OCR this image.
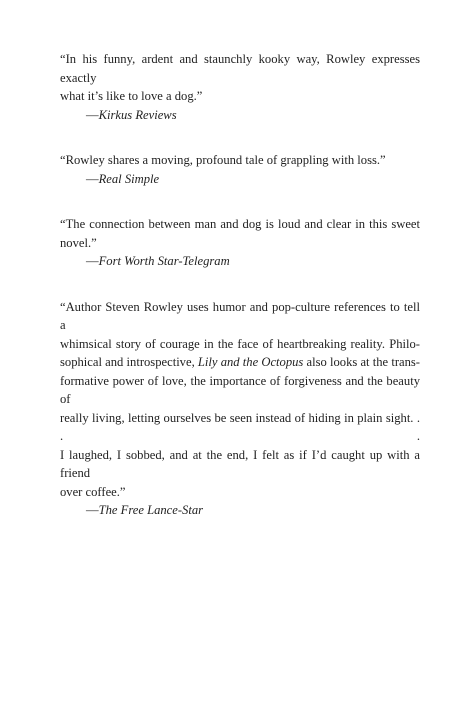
“In his funny, ardent and staunchly kooky way, Rowley expresses exactly
what it’s like to love a dog.”

—Kirkus Reviews

“Rowley shares a moving, profound tale of grappling with loss.”

—Real Simple

“The connection between man and dog is loud and clear in this sweet
novel.”

—Fort Worth Star-Telegram

“Author Steven Rowley uses humor and pop-culture references to tell a
whimsical story of courage in the face of heartbreaking reality. Philo-
sophical and introspective, Lily and the Octopus also looks at the trans-
formative power of love, the importance of forgiveness and the beauty of
really living, letting ourselves be seen instead of hiding in plain sight. . . .
I laughed, I sobbed, and at the end, I felt as if I’d caught up with a friend
over coffee.”

—The Free Lance-Star
